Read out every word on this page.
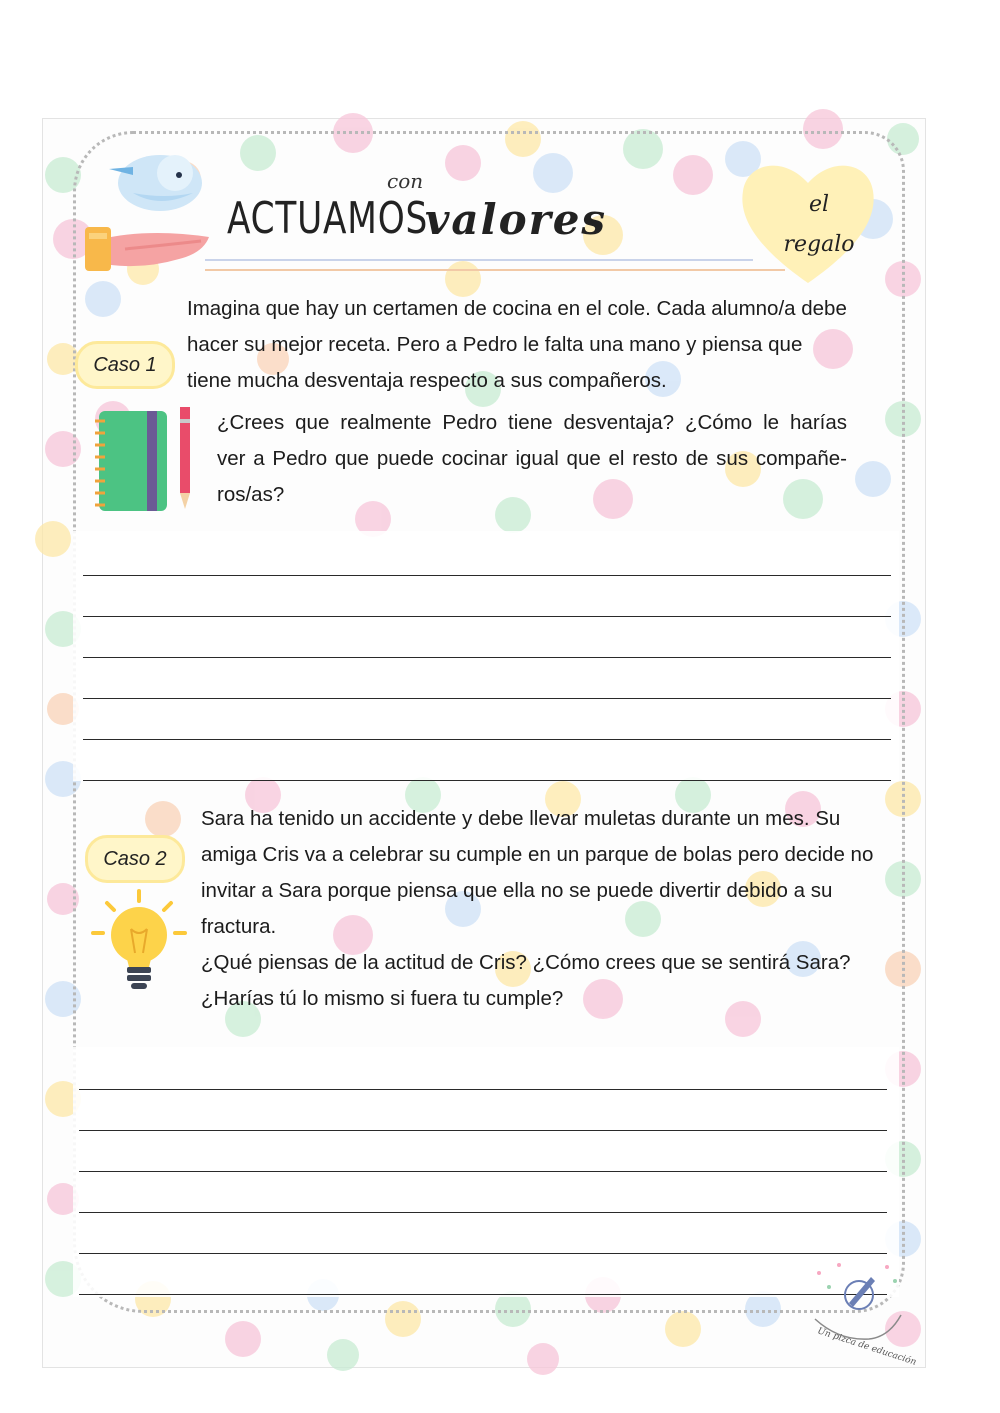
ACTUAMOS
con
valores	el
regalo
Caso 1
Imagina que hay un certamen de cocina en el cole. Cada alumno/a debe
hacer su mejor receta. Pero a Pedro le falta una mano y piensa que
tiene mucha desventaja respecto a sus compañeros.
¿Crees que realmente Pedro tiene desventaja? ¿Cómo le harías
ver a Pedro que puede cocinar igual que el resto de sus compañe-
ros/as?
Caso 2
Sara ha tenido un accidente y debe llevar muletas durante un mes. Su
amiga Cris va a celebrar su cumple en un parque de bolas pero decide no
invitar a Sara porque piensa que ella no se puede divertir debido a su
fractura.
¿Qué piensas de la actitud de Cris? ¿Cómo crees que se sentirá Sara?
¿Harías tú lo mismo si fuera tu cumple?
Un pizca de educación
